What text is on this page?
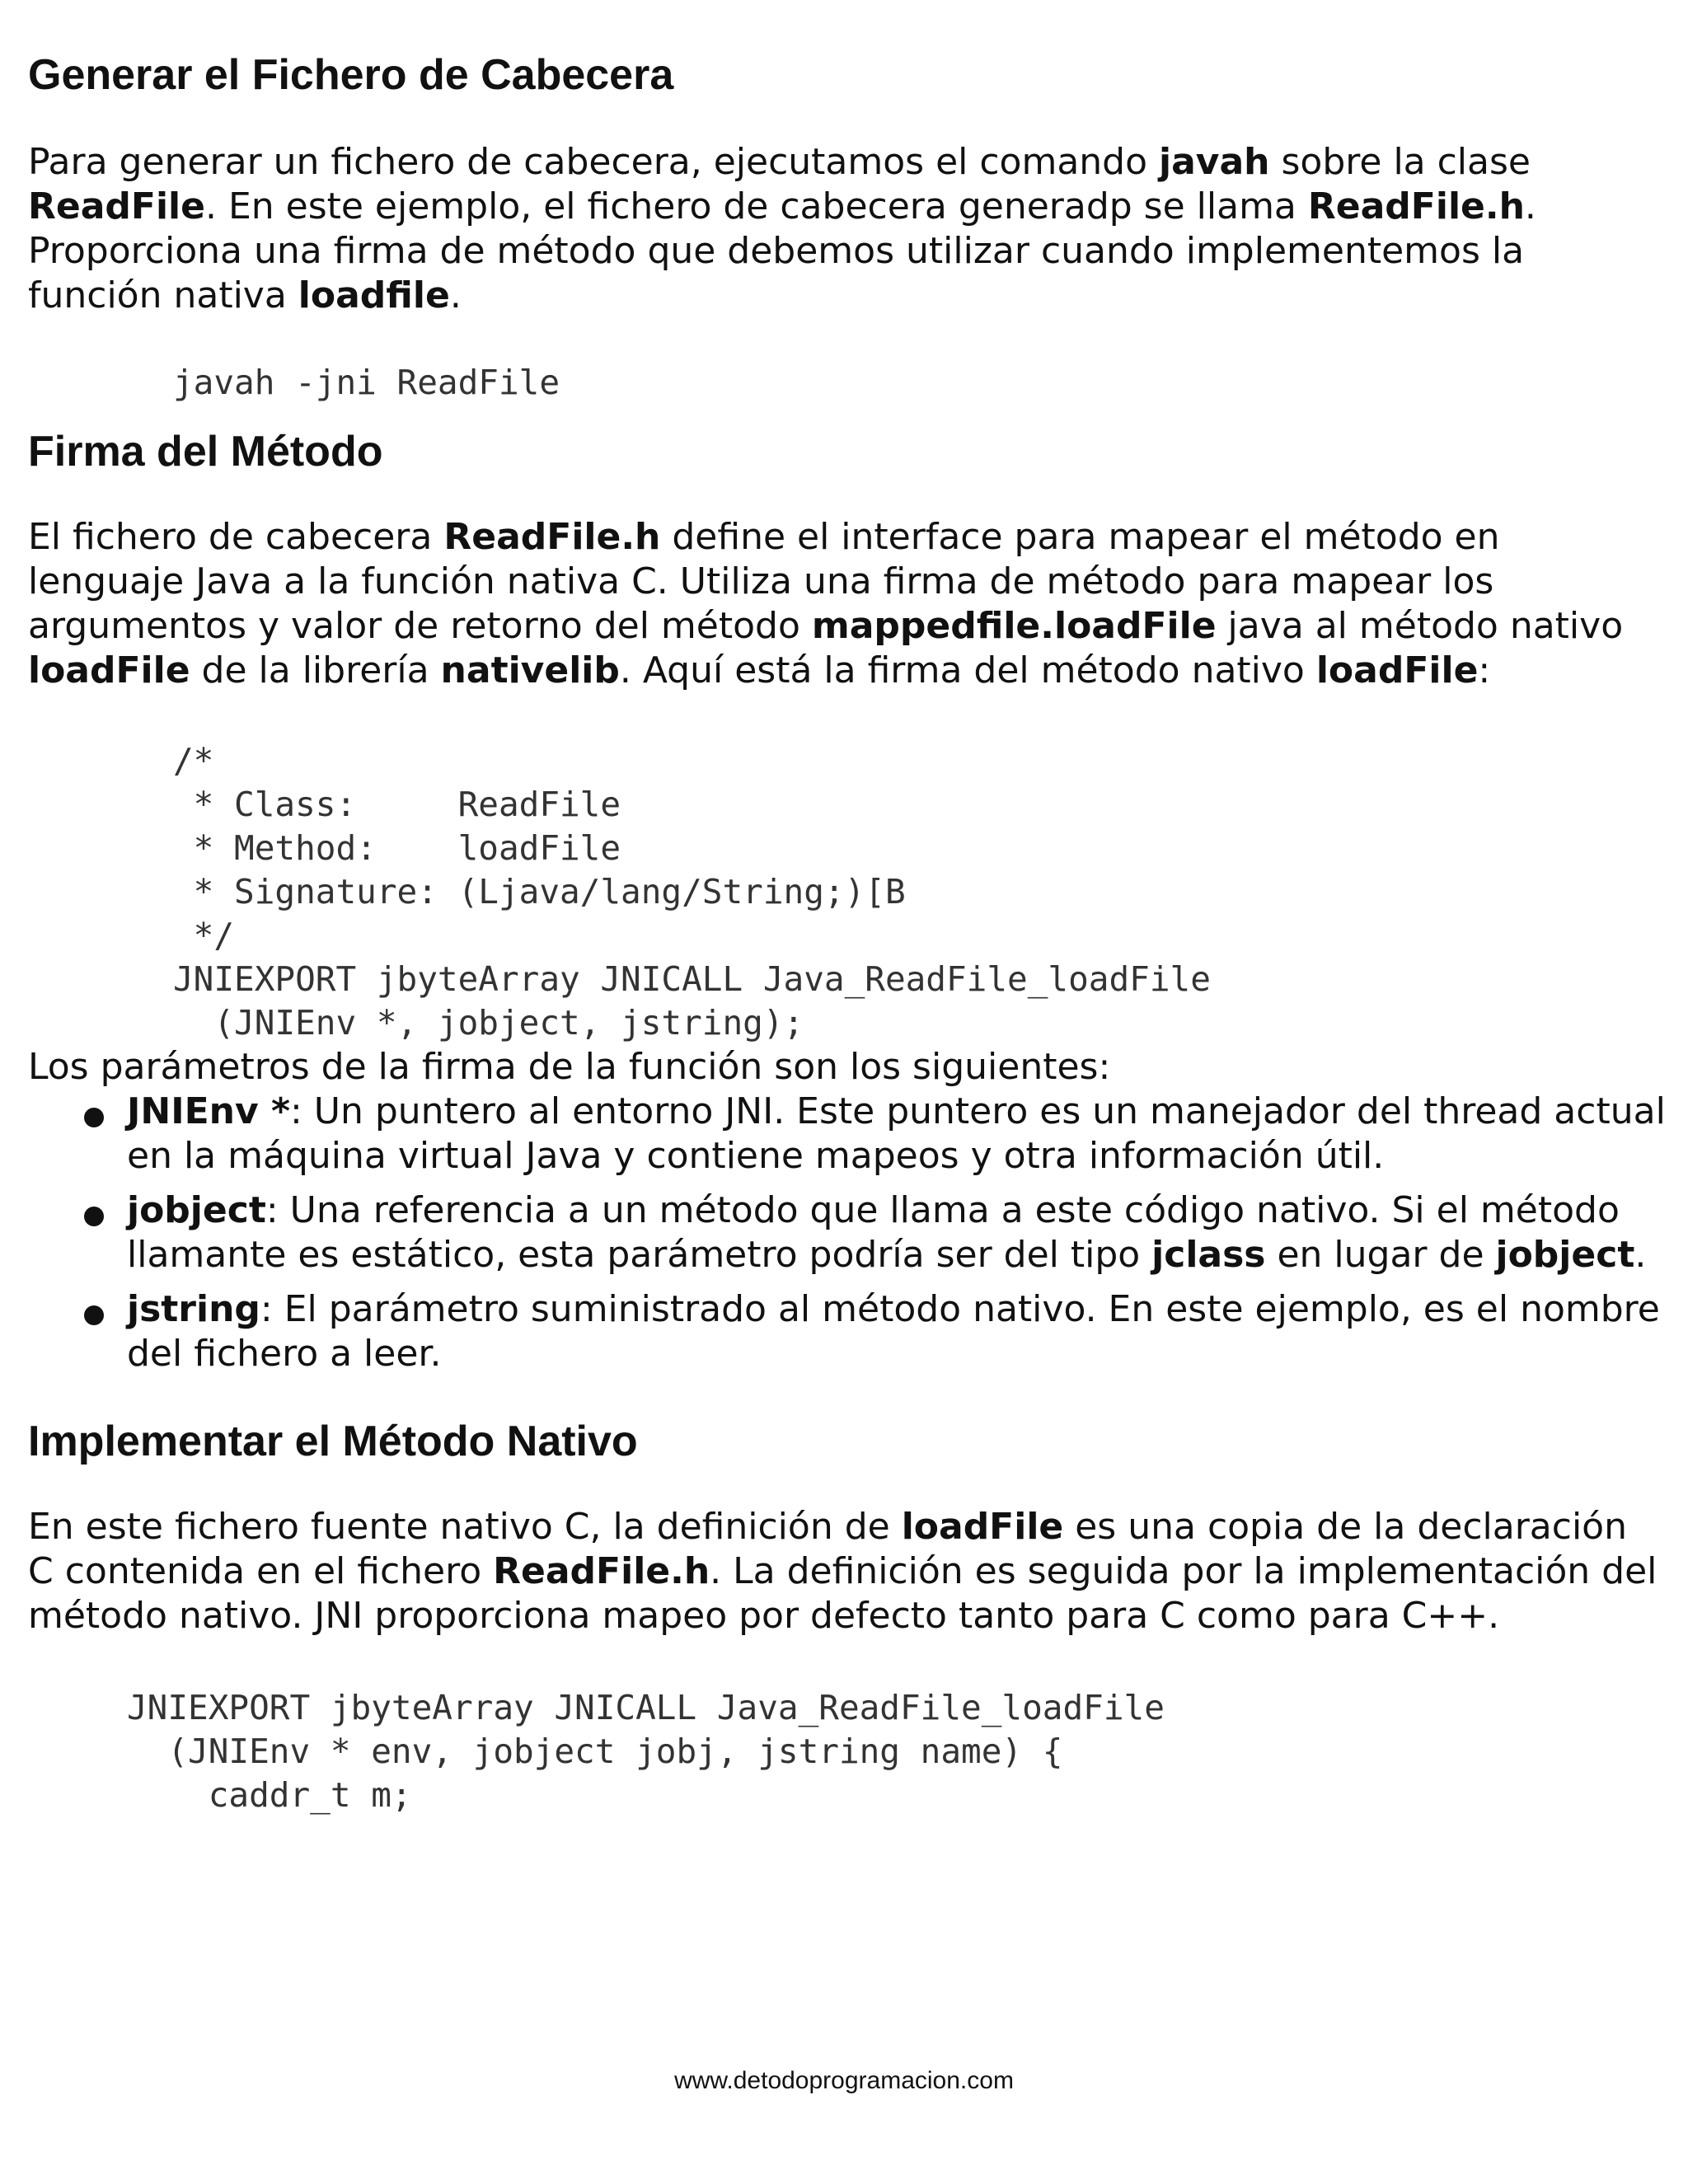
Generar el Fichero de Cabecera

Para generar un fichero de cabecera, ejecutamos el comando javah sobre la clase ReadFile. En este ejemplo, el fichero de cabecera generadp se llama ReadFile.h. Proporciona una firma de método que debemos utilizar cuando implementemos la función nativa loadfile.

javah -jni ReadFile
Firma del Método

El fichero de cabecera ReadFile.h define el interface para mapear el método en lenguaje Java a la función nativa C. Utiliza una firma de método para mapear los argumentos y valor de retorno del método mappedfile.loadFile java al método nativo loadFile de la librería nativelib. Aquí está la firma del método nativo loadFile:

/*
* Class:     ReadFile
* Method:    loadFile
* Signature: (Ljava/lang/String;)[B
*/
JNIEXPORT jbyteArray JNICALL Java_ReadFile_loadFile
(JNIEnv *, jobject, jstring);

Los parámetros de la firma de la función son los siguientes:

JNIEnv *: Un puntero al entorno JNI. Este puntero es un manejador del thread actual en la máquina virtual Java y contiene mapeos y otra información útil.
jobject: Una referencia a un método que llama a este código nativo. Si el método llamante es estático, esta parámetro podría ser del tipo jclass en lugar de jobject.
jstring: El parámetro suministrado al método nativo. En este ejemplo, es el nombre del fichero a leer.
Implementar el Método Nativo

En este fichero fuente nativo C, la definición de loadFile es una copia de la declaración C contenida en el fichero ReadFile.h. La definición es seguida por la implementación del método nativo. JNI proporciona mapeo por defecto tanto para C como para C++.

JNIEXPORT jbyteArray JNICALL Java_ReadFile_loadFile
(JNIEnv * env, jobject jobj, jstring name) {
caddr_t m;
www.detodoprogramacion.com
